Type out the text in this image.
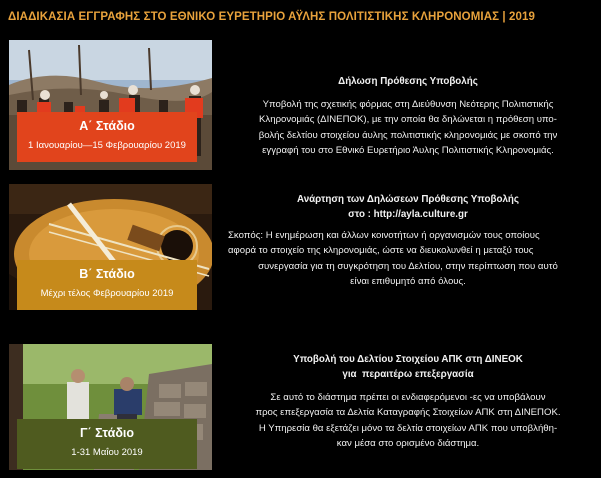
ΔΙΑΔΙΚΑΣΙΑ ΕΓΓΡΑΦΗΣ ΣΤΟ ΕΘΝΙΚΟ ΕΥΡΕΤΗΡΙΟ ΑΫΛΗΣ ΠΟΛΙΤΙΣΤΙΚΗΣ ΚΛΗΡΟΝΟΜΙΑΣ | 2019
Α΄ Στάδιο
1 Ιανουαρίου—15 Φεβρουαρίου 2019
Δήλωση Πρόθεσης Υποβολής
Υποβολή της σχετικής φόρμας στη Διεύθυνση Νεότερης Πολιτιστικής
Κληρονομιάς (ΔΙΝΕΠΟΚ), με την οποία θα δηλώνεται η πρόθεση υπο-
βολής δελτίου στοιχείου άυλης πολιτιστικής κληρονομιάς με σκοπό την
εγγραφή του στο Εθνικό Ευρετήριο Άυλης Πολιτιστικής Κληρονομιάς.
Β΄ Στάδιο
Μέχρι τέλος Φεβρουαρίου 2019
Ανάρτηση των Δηλώσεων Πρόθεσης Υποβολής
στο : http://ayla.culture.gr
Σκοπός: Η ενημέρωση και άλλων κοινοτήτων ή οργανισμών τους οποίους
αφορά το στοιχείο της κληρονομιάς, ώστε να διευκολυνθεί η μεταξύ τους
συνεργασία για τη συγκρότηση του Δελτίου, στην περίπτωση που αυτό
είναι επιθυμητό από όλους.
Γ΄ Στάδιο
1-31 Μαΐου 2019
Υποβολή του Δελτίου Στοιχείου ΑΠΚ στη ΔΙΝΕΟΚ
για  περαιτέρω επεξεργασία
Σε αυτό το διάστημα πρέπει οι ενδιαφερόμενοι -ες να υποβάλουν
προς επεξεργασία τα Δελτία Καταγραφής Στοιχείων ΑΠΚ στη ΔΙΝΕΠΟΚ.
Η Υπηρεσία θα εξετάζει μόνο τα δελτία στοιχείων ΑΠΚ που υποβλήθη-
καν μέσα στο ορισμένο διάστημα.
